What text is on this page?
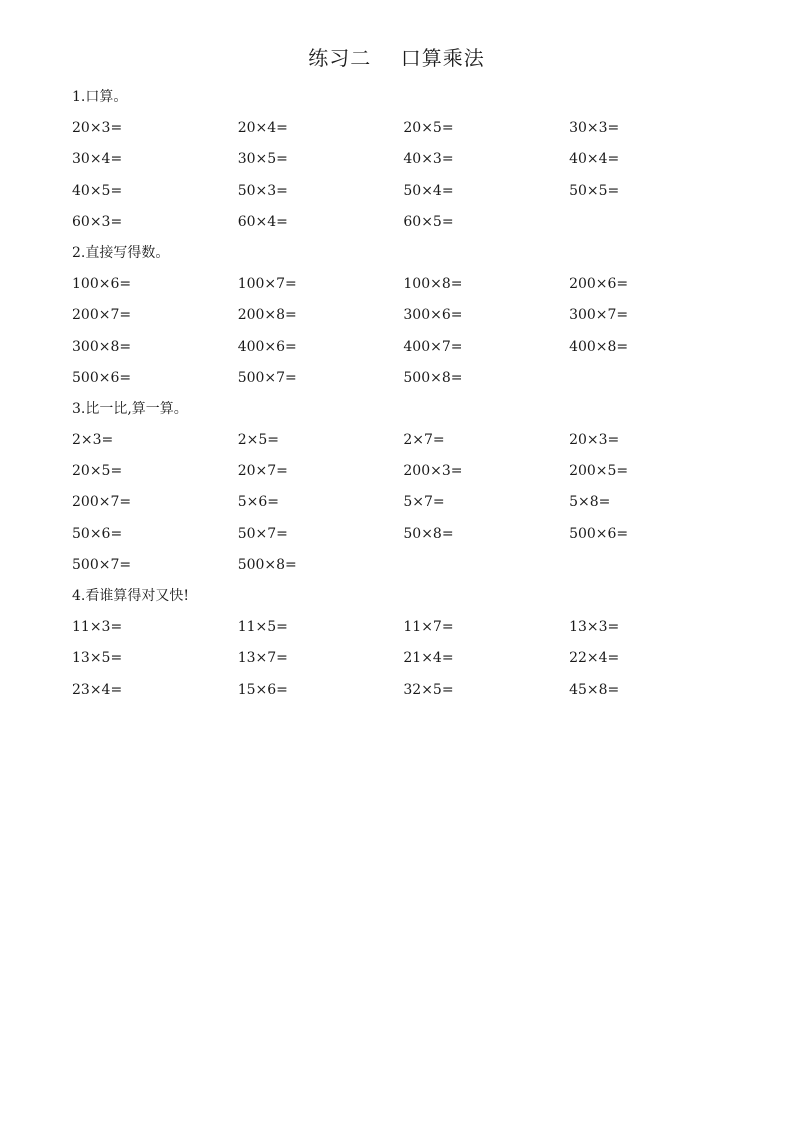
练习二    口算乘法
1.口算。
20×3=	20×4=	20×5=	30×3=
30×4=	30×5=	40×3=	40×4=
40×5=	50×3=	50×4=	50×5=
60×3=	60×4=	60×5=
2.直接写得数。
100×6=	100×7=	100×8=	200×6=
200×7=	200×8=	300×6=	300×7=
300×8=	400×6=	400×7=	400×8=
500×6=	500×7=	500×8=
3.比一比,算一算。
2×3=	2×5=	2×7=	20×3=
20×5=	20×7=	200×3=	200×5=
200×7=	5×6=	5×7=	5×8=
50×6=	50×7=	50×8=	500×6=
500×7=	500×8=
4.看谁算得对又快!
11×3=	11×5=	11×7=	13×3=
13×5=	13×7=	21×4=	22×4=
23×4=	15×6=	32×5=	45×8=
